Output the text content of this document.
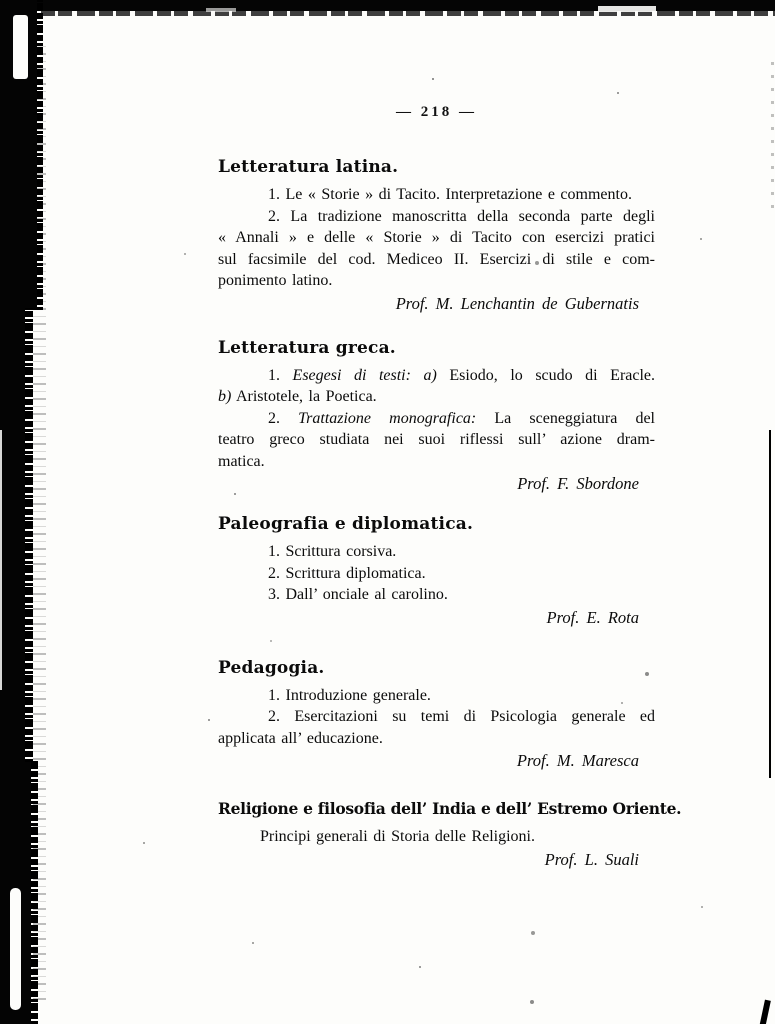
— 218 —
Letteratura latina.
1. Le « Storie » di Tacito. Interpretazione e commento.
2. La tradizione manoscritta della seconda parte degli
« Annali » e delle « Storie » di Tacito con esercizi pratici
sul facsimile del cod. Mediceo II. Esercizi di stile e com-
ponimento latino.
Prof. M. Lenchantin de Gubernatis
Letteratura greca.
1. Esegesi di testi: a) Esiodo, lo scudo di Eracle.
b) Aristotele, la Poetica.
2. Trattazione monografica: La sceneggiatura del
teatro greco studiata nei suoi riflessi sull’ azione dram-
matica.
Prof. F. Sbordone
Paleografia e diplomatica.
1. Scrittura corsiva.
2. Scrittura diplomatica.
3. Dall’ onciale al carolino.
Prof. E. Rota
Pedagogia.
1. Introduzione generale.
2. Esercitazioni su temi di Psicologia generale ed
applicata all’ educazione.
Prof. M. Maresca
Religione e filosofia dell’ India e dell’ Estremo Oriente.
Principi generali di Storia delle Religioni.
Prof. L. Suali
